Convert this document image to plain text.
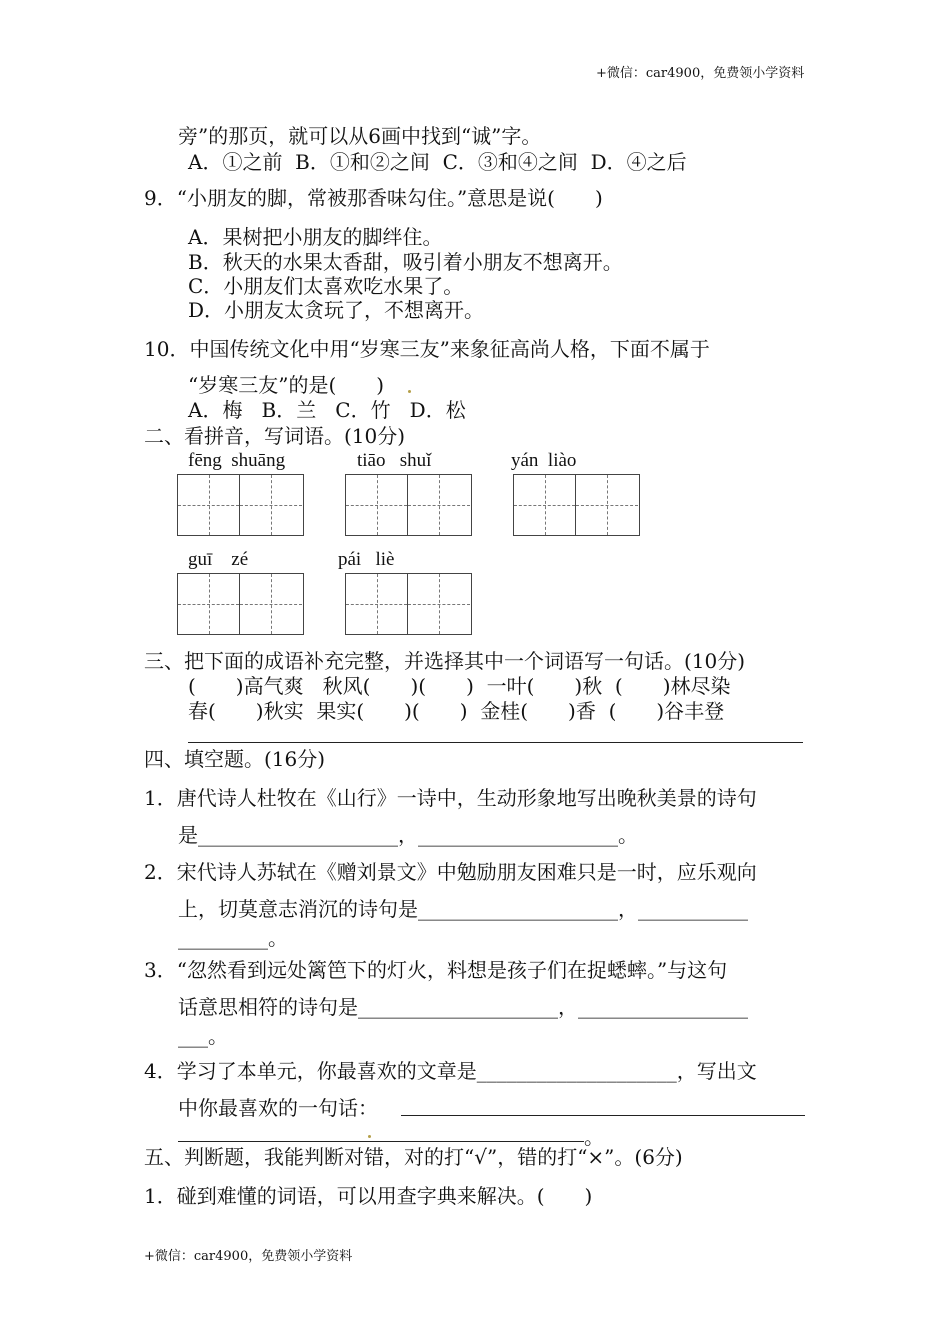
+微信：car4900，免费领小学资料
旁”的那页，就可以从6画中找到“诚”字。
A．①之前  B．①和②之间  C．③和④之间  D．④之后
9．“小朋友的脚，常被那香味勾住。”意思是说(　　)
A．果树把小朋友的脚绊住。
B．秋天的水果太香甜，吸引着小朋友不想离开。
C．小朋友们太喜欢吃水果了。
D．小朋友太贪玩了，不想离开。
10．中国传统文化中用“岁寒三友”来象征高尚人格，下面不属于
“岁寒三友”的是(　　)
A．梅   B．兰   C．竹   D．松
二、看拼音，写词语。(10分)
fēng  shuāng	tiāo   shuǐ	yán  liào
guī    zé	pái   liè
三、把下面的成语补充完整，并选择其中一个词语写一句话。(10分)
(　　)高气爽   秋风(　　)(　　)  一叶(　　)秋  (　　)林尽染
春(　　)秋实  果实(　　)(　　)  金桂(　　)香  (　　)谷丰登
四、填空题。(16分)
1．唐代诗人杜牧在《山行》一诗中，生动形象地写出晚秋美景的诗句
是____________________，____________________。
2．宋代诗人苏轼在《赠刘景文》中勉励朋友困难只是一时，应乐观向
上，切莫意志消沉的诗句是____________________，___________
_________。
3．“忽然看到远处篱笆下的灯火，料想是孩子们在捉蟋蟀。”与这句
话意思相符的诗句是____________________，_________________
___。
4．学习了本单元，你最喜欢的文章是____________________，写出文
中你最喜欢的一句话：
。
五、判断题，我能判断对错，对的打“√”，错的打“×”。(6分)
1．碰到难懂的词语，可以用查字典来解决。(　　)
+微信：car4900，免费领小学资料
